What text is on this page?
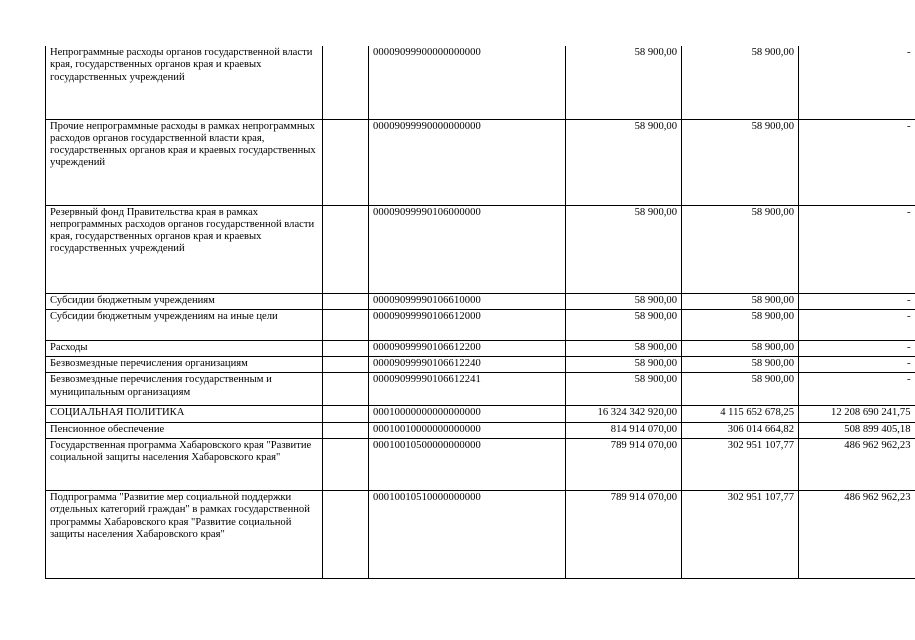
Непрограммные расходы органов государственной власти края, государственных органов края и краевых государственных учреждений		00009099900000000000	58 900,00	58 900,00	-
Прочие непрограммные расходы в рамках непрограммных расходов органов государственной власти края, государственных органов края и краевых государственных учреждений		00009099990000000000	58 900,00	58 900,00	-
Резервный фонд Правительства края в рамках непрограммных расходов органов государственной власти края, государственных органов края и краевых государственных учреждений		00009099990106000000	58 900,00	58 900,00	-
Субсидии бюджетным учреждениям		00009099990106610000	58 900,00	58 900,00	-
Субсидии бюджетным учреждениям на иные цели		00009099990106612000	58 900,00	58 900,00	-
Расходы		00009099990106612200	58 900,00	58 900,00	-
Безвозмездные перечисления организациям		00009099990106612240	58 900,00	58 900,00	-
Безвозмездные перечисления государственным и муниципальным организациям		00009099990106612241	58 900,00	58 900,00	-
СОЦИАЛЬНАЯ ПОЛИТИКА		00010000000000000000	16 324 342 920,00	4 115 652 678,25	12 208 690 241,75
Пенсионное обеспечение		00010010000000000000	814 914 070,00	306 014 664,82	508 899 405,18
Государственная программа Хабаровского края "Развитие социальной защиты населения Хабаровского края"		00010010500000000000	789 914 070,00	302 951 107,77	486 962 962,23
Подпрограмма "Развитие мер социальной поддержки отдельных категорий граждан" в рамках государственной программы Хабаровского края "Развитие социальной защиты населения Хабаровского края"		00010010510000000000	789 914 070,00	302 951 107,77	486 962 962,23
